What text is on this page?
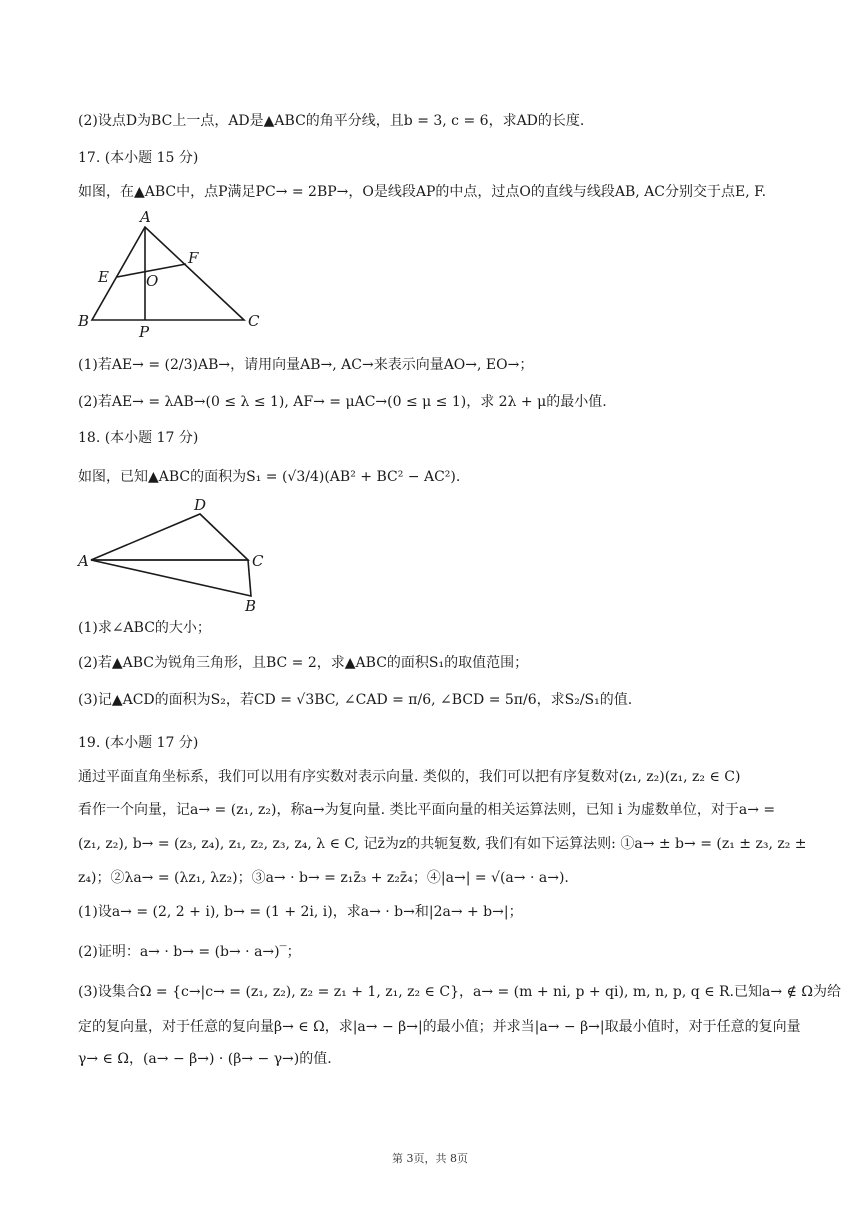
(2)设点D为BC上一点，AD是▲ABC的角平分线，且b = 3, c = 6，求AD的长度.
17. (本小题 15 分)
如图，在▲ABC中，点P满足PC→ = 2BP→，O是线段AP的中点，过点O的直线与线段AB, AC分别交于点E, F.
A
F
E O
B
P
C
(1)若AE→ = (2/3)AB→，请用向量AB→, AC→来表示向量AO→, EO→；
(2)若AE→ = λAB→(0 ≤ λ ≤ 1), AF→ = μAC→(0 ≤ μ ≤ 1)，求 2λ + μ的最小值.
18. (本小题 17 分)
如图，已知▲ABC的面积为S₁ = (√3/4)(AB² + BC² − AC²).
D
A	C
B
(1)求∠ABC的大小；
(2)若▲ABC为锐角三角形，且BC = 2，求▲ABC的面积S₁的取值范围；
(3)记▲ACD的面积为S₂，若CD = √3BC, ∠CAD = π/6, ∠BCD = 5π/6，求S₂/S₁的值.
19. (本小题 17 分)
通过平面直角坐标系，我们可以用有序实数对表示向量. 类似的，我们可以把有序复数对(z₁, z₂)(z₁, z₂ ∈ C)
看作一个向量，记a→ = (z₁, z₂)，称a→为复向量. 类比平面向量的相关运算法则，已知 i 为虚数单位，对于a→ =
(z₁, z₂), b→ = (z₃, z₄), z₁, z₂, z₃, z₄, λ ∈ C, 记z̄为z的共轭复数, 我们有如下运算法则: ①a→ ± b→ = (z₁ ± z₃, z₂ ±
z₄)；②λa→ = (λz₁, λz₂)；③a→ · b→ = z₁z̄₃ + z₂z̄₄；④|a→| = √(a→ · a→).
(1)设a→ = (2, 2 + i), b→ = (1 + 2i, i)，求a→ · b→和|2a→ + b→|；
(2)证明：a→ · b→ = (b→ · a→)‾；
(3)设集合Ω = {c→|c→ = (z₁, z₂), z₂ = z₁ + 1, z₁, z₂ ∈ C}，a→ = (m + ni, p + qi), m, n, p, q ∈ R.已知a→ ∉ Ω为给
定的复向量，对于任意的复向量β→ ∈ Ω，求|a→ − β→|的最小值；并求当|a→ − β→|取最小值时，对于任意的复向量
γ→ ∈ Ω，(a→ − β→) · (β→ − γ→)的值.
第 3页，共 8页
